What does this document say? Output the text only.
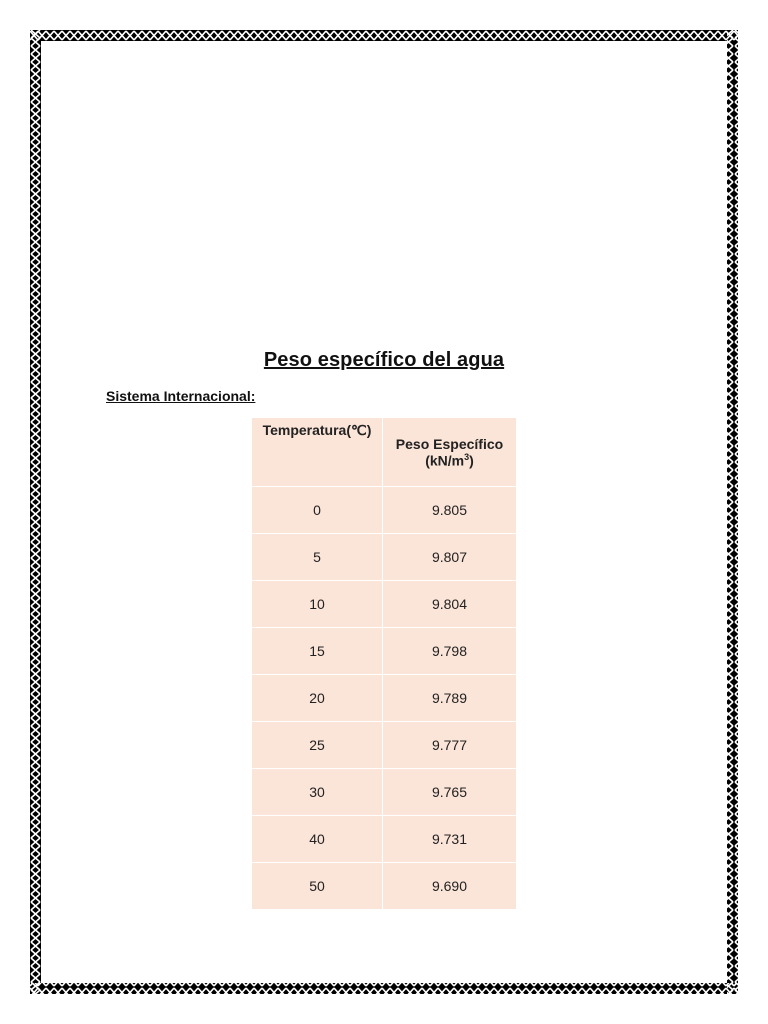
Peso específico del agua
Sistema Internacional:
Temperatura(℃)	Peso Específico
$(kN/m^3)$

0	9.805
5	9.807
10	9.804
15	9.798
20	9.789
25	9.777
30	9.765
40	9.731
50	9.690
